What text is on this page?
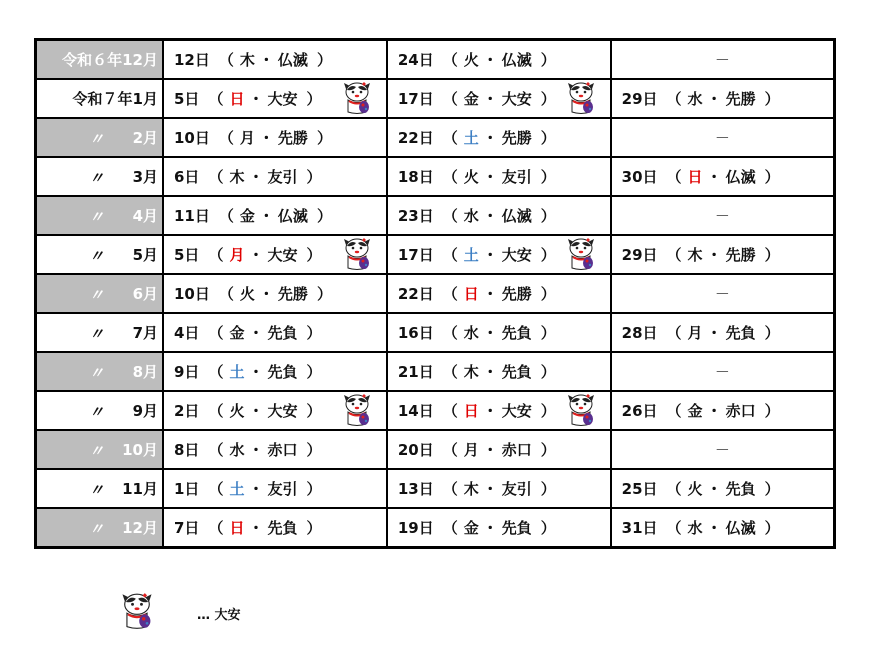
令和６年12月	12日 （ 木 ・ 仏滅 ）	24日 （ 火 ・ 仏滅 ）	－

令和７年1月	5日 （ 日 ・ 大安 ）	17日 （ 金 ・ 大安 ）	29日 （ 水 ・ 先勝 ）

〃 2月	10日 （ 月 ・ 先勝 ）	22日 （ 土 ・ 先勝 ）	－

〃 3月	6日 （ 木 ・ 友引 ）	18日 （ 火 ・ 友引 ）	30日 （ 日 ・ 仏滅 ）

〃 4月	11日 （ 金 ・ 仏滅 ）	23日 （ 水 ・ 仏滅 ）	－

〃 5月	5日 （ 月 ・ 大安 ）	17日 （ 土 ・ 大安 ）	29日 （ 木 ・ 先勝 ）

〃 6月	10日 （ 火 ・ 先勝 ）	22日 （ 日 ・ 先勝 ）	－

〃 7月	4日 （ 金 ・ 先負 ）	16日 （ 水 ・ 先負 ）	28日 （ 月 ・ 先負 ）

〃 8月	9日 （ 土 ・ 先負 ）	21日 （ 木 ・ 先負 ）	－

〃 9月	2日 （ 火 ・ 大安 ）	14日 （ 日 ・ 大安 ）	26日 （ 金 ・ 赤口 ）

〃 10月	8日 （ 水 ・ 赤口 ）	20日 （ 月 ・ 赤口 ）	－

〃 11月	1日 （ 土 ・ 友引 ）	13日 （ 木 ・ 友引 ）	25日 （ 火 ・ 先負 ）

〃 12月	7日 （ 日 ・ 先負 ）	19日 （ 金 ・ 先負 ）	31日 （ 水 ・ 仏滅 ）
… 大安
